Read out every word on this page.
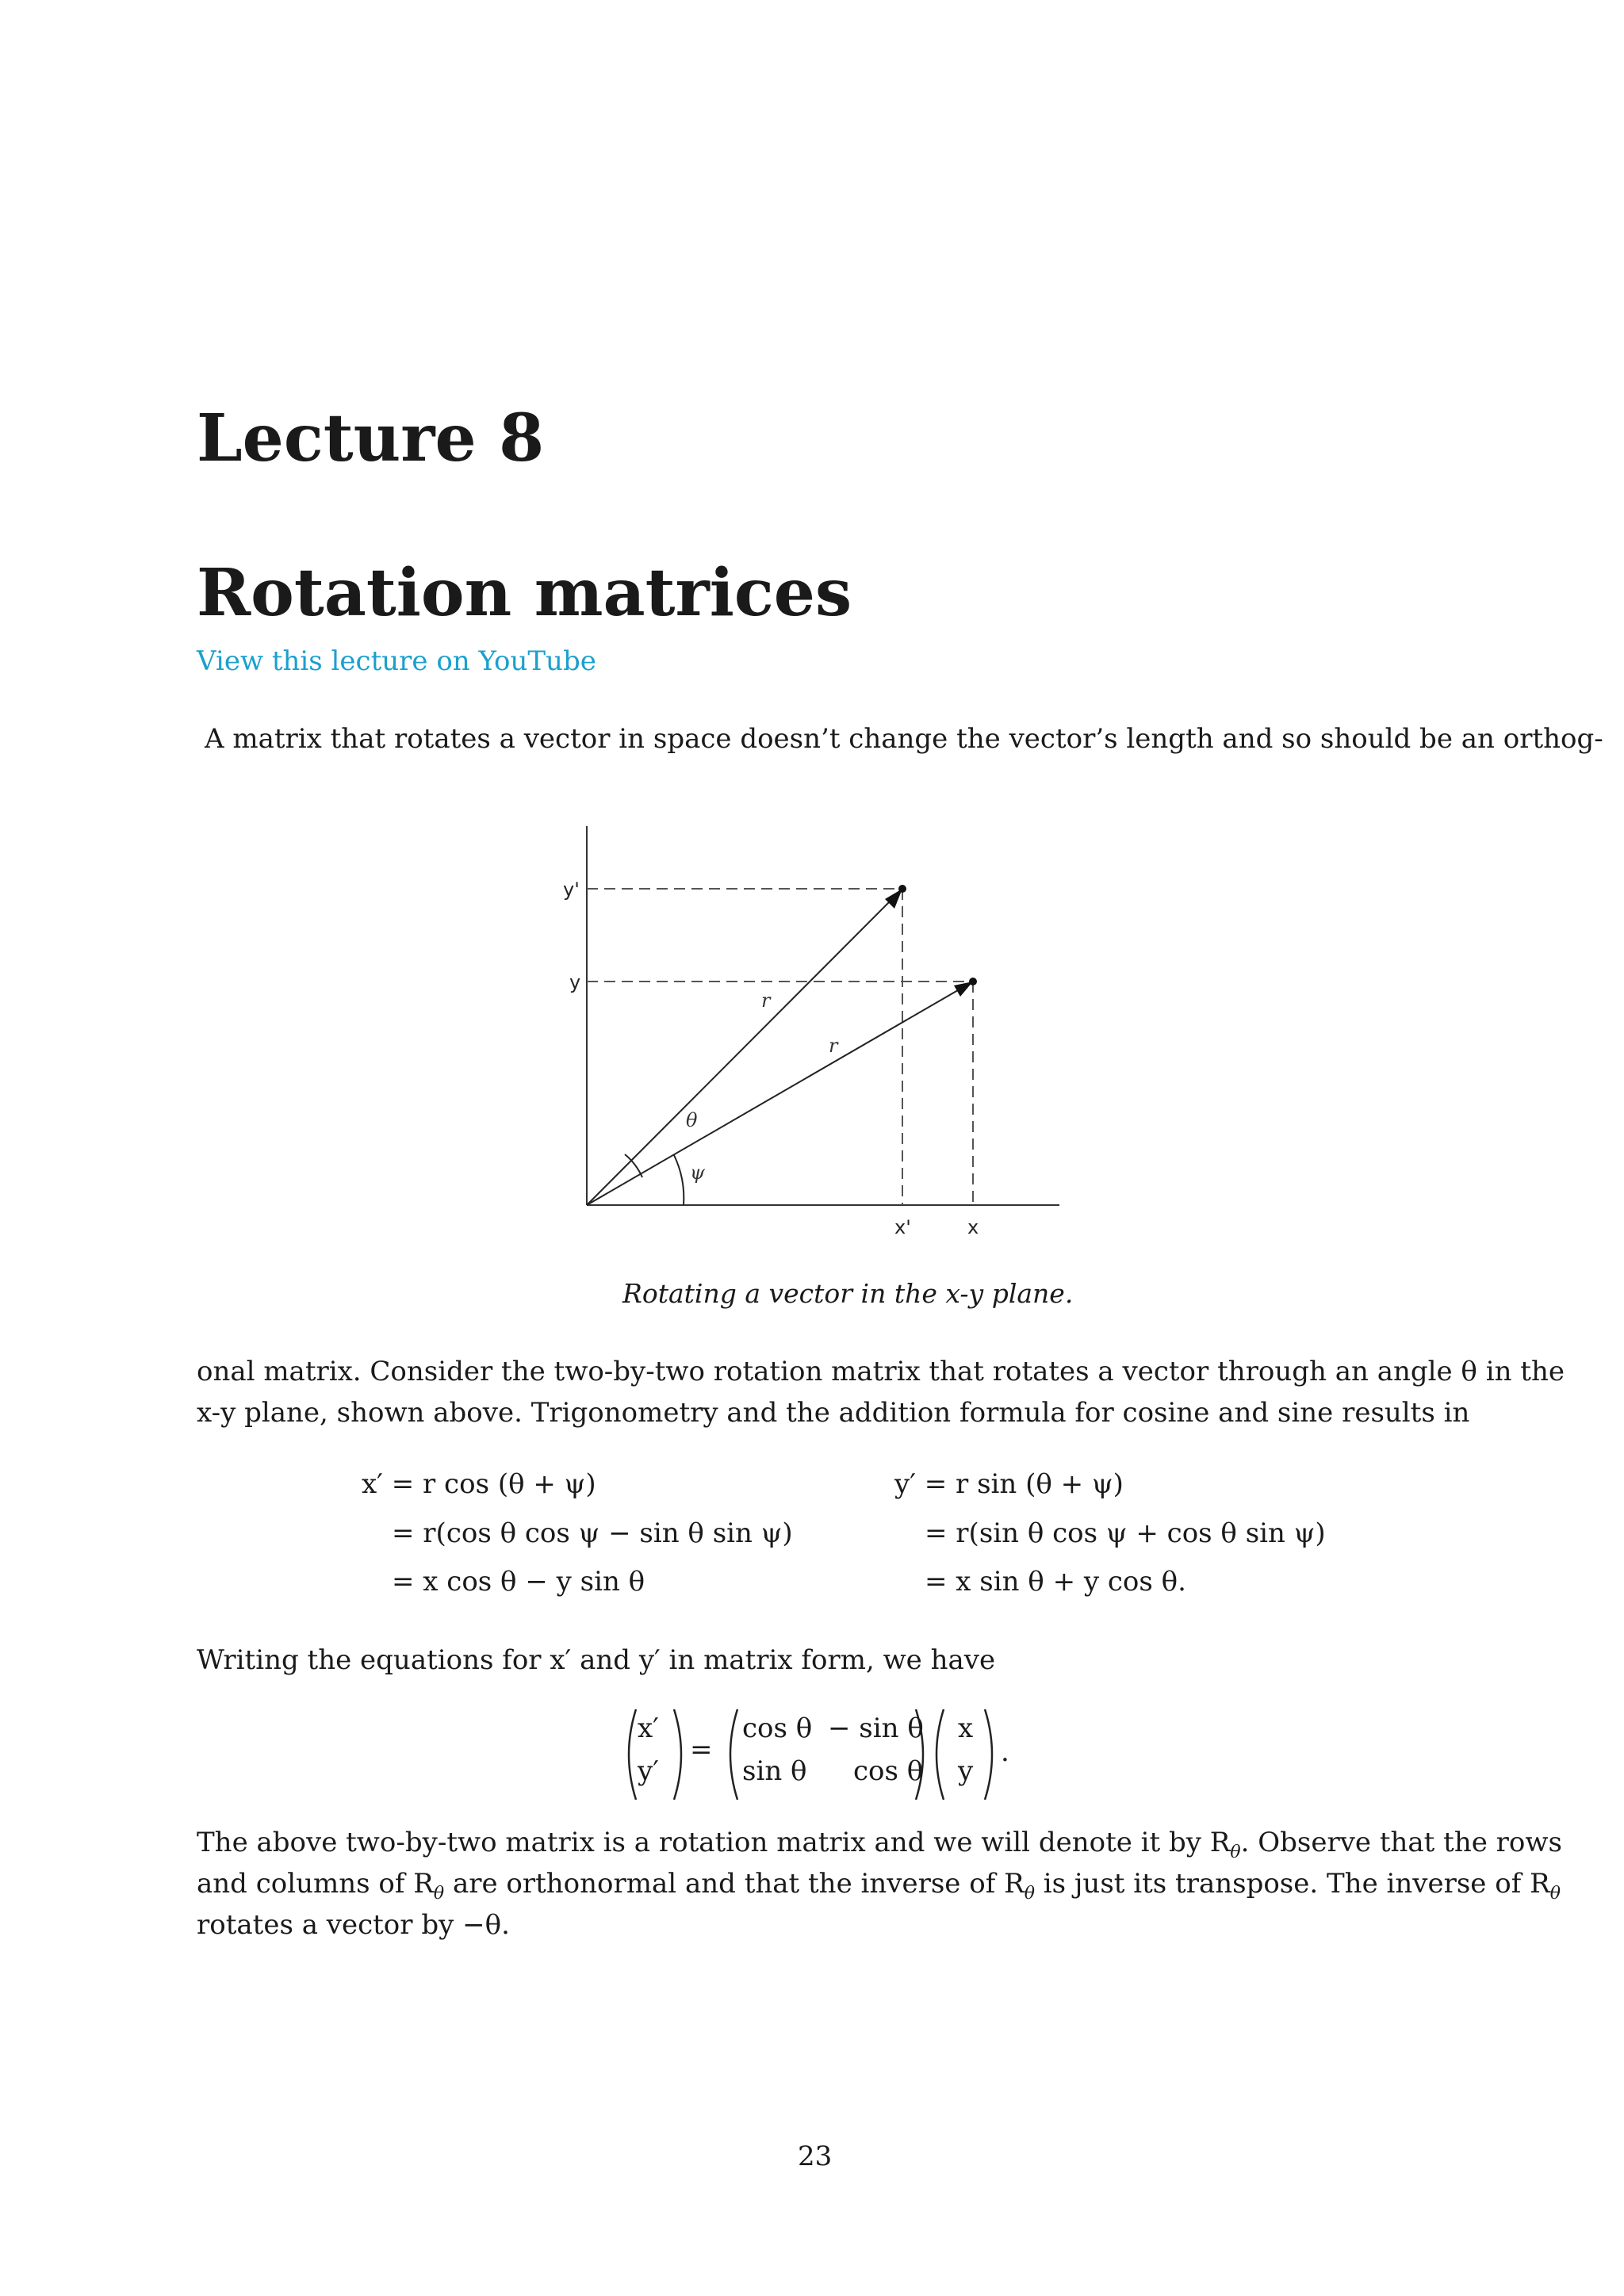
Lecture 8
Rotation matrices
View this lecture on YouTube
A matrix that rotates a vector in space doesn’t change the vector’s length and so should be an orthog-
y'
y
x'	x
r
r
θ
ψ
Rotating a vector in the x-y plane.
onal matrix. Consider the two-by-two rotation matrix that rotates a vector through an angle θ in the
x-y plane, shown above. Trigonometry and the addition formula for cosine and sine results in
x′ = r cos (θ + ψ)
= r(cos θ cos ψ − sin θ sin ψ)
= x cos θ − y sin θ
y′ = r sin (θ + ψ)
= r(sin θ cos ψ + cos θ sin ψ)
= x sin θ + y cos θ.
Writing the equations for x′ and y′ in matrix form, we have
x′
y′
=
cos θ − sin θ
sin θ cos θ
x
y
.
The above two-by-two matrix is a rotation matrix and we will denote it by $R_\theta$. Observe that the rows
and columns of $R_\theta$ are orthonormal and that the inverse of $R_\theta$ is just its transpose. The inverse of $R_\theta$
rotates a vector by −θ.
23
